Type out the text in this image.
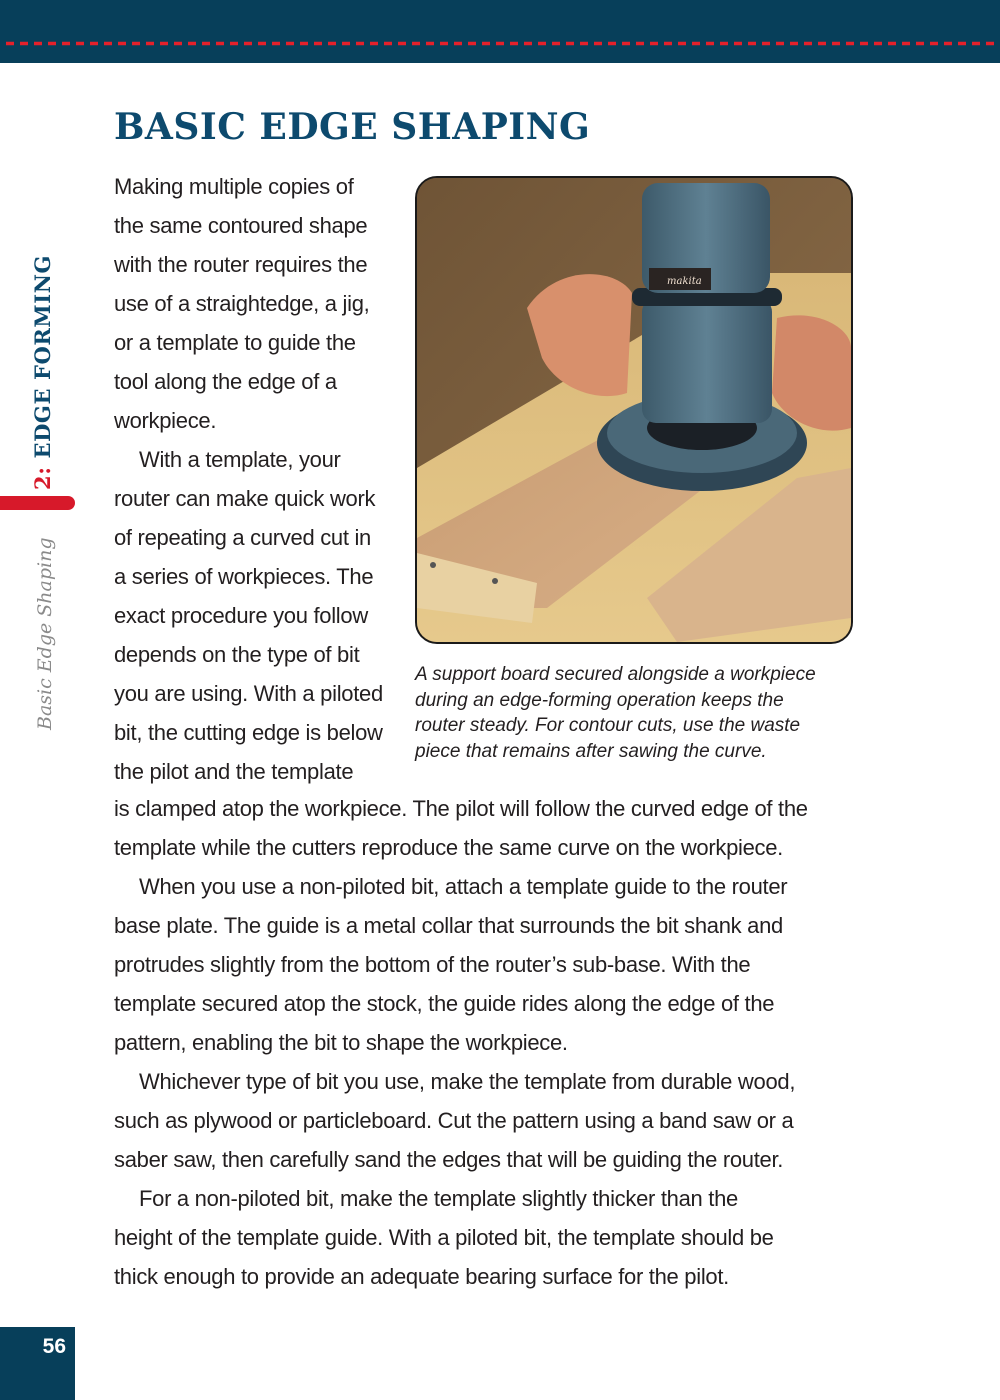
BASIC EDGE SHAPING
2: EDGE FORMING
Basic Edge Shaping

Making multiple copies of
the same contoured shape
with the router requires the
use of a straightedge, a jig,
or a template to guide the
tool along the edge of a
workpiece.

With a template, your
router can make quick work
of repeating a curved cut in
a series of workpieces. The
exact procedure you follow
depends on the type of bit
you are using. With a piloted
bit, the cutting edge is below
the pilot and the template

makita
A support board secured alongside a workpiece
during an edge-forming operation keeps the
router steady. For contour cuts, use the waste
piece that remains after sawing the curve.

is clamped atop the workpiece. The pilot will follow the curved edge of the
template while the cutters reproduce the same curve on the workpiece.

When you use a non-piloted bit, attach a template guide to the router
base plate. The guide is a metal collar that surrounds the bit shank and
protrudes slightly from the bottom of the router’s sub-base. With the
template secured atop the stock, the guide rides along the edge of the
pattern, enabling the bit to shape the workpiece.

Whichever type of bit you use, make the template from durable wood,
such as plywood or particleboard. Cut the pattern using a band saw or a
saber saw, then carefully sand the edges that will be guiding the router.

For a non-piloted bit, make the template slightly thicker than the
height of the template guide. With a piloted bit, the template should be
thick enough to provide an adequate bearing surface for the pilot.

56
